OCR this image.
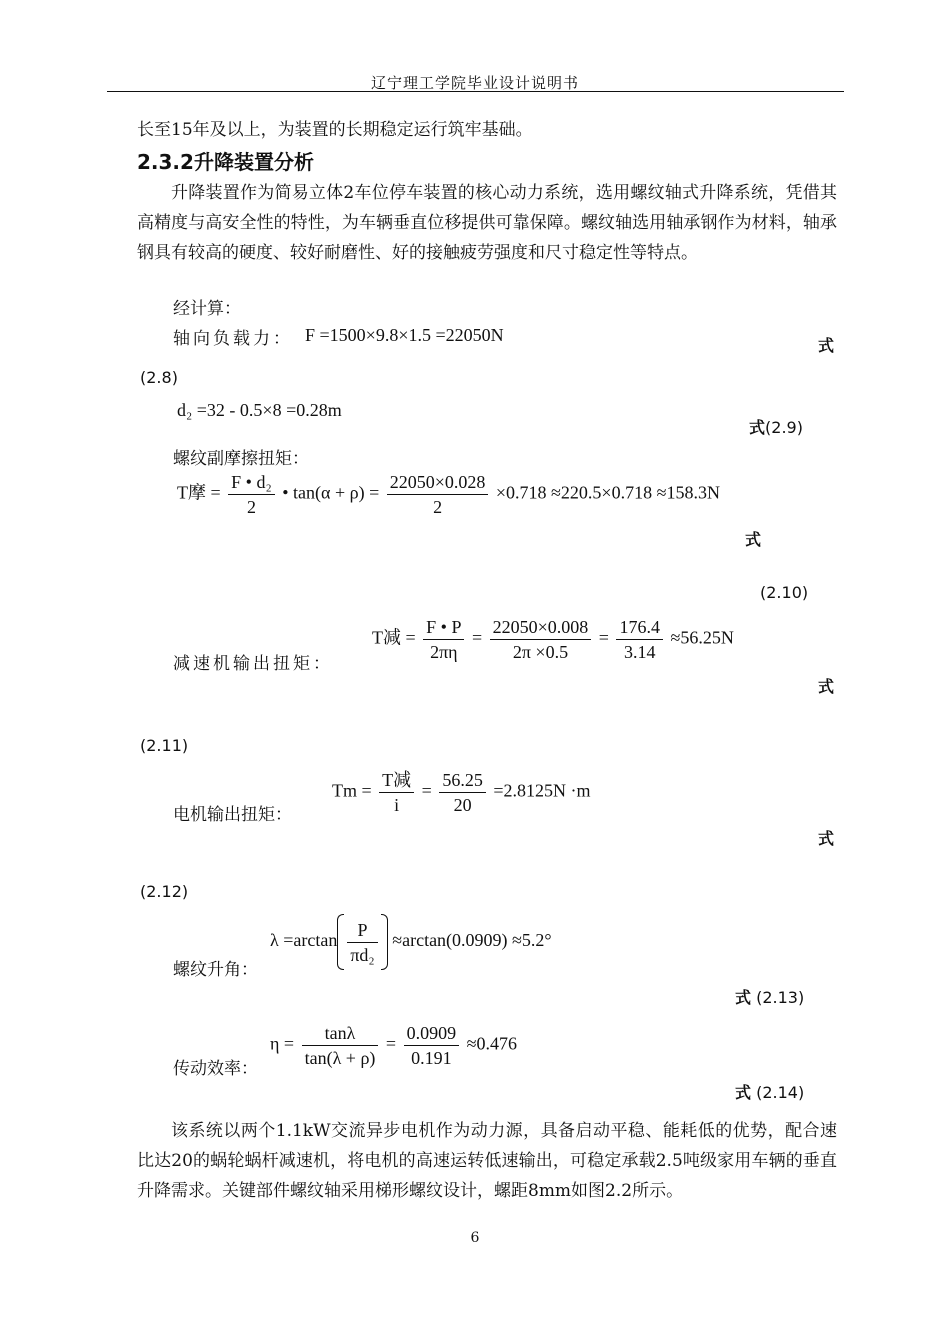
辽宁理工学院毕业设计说明书
长至15年及以上，为装置的长期稳定运行筑牢基础。
2.3.2升降装置分析
升降装置作为简易立体2车位停车装置的核心动力系统，选用螺纹轴式升降系统，凭借其高精度与高安全性的特性，为车辆垂直位移提供可靠保障。螺纹轴选用轴承钢作为材料，轴承钢具有较高的硬度、较好耐磨性、好的接触疲劳强度和尺寸稳定性等特点。
经计算：
轴向负载力： F =1500×9.8×1.5 =22050N
式
(2.8)
d₂ =32 - 0.5×8 =0.28m
式(2.9)
螺纹副摩擦扭矩：
T摩 = $\frac{\text{F • d₂}}{2}$ • $\tan(\alpha + \rho) = \frac{22050\times 0.028}{2} \times 0.718 \approx 220.5\times 0.718 \approx 158.3N$
式
(2.10)
T减 = $\frac{F • P}{2\pi\eta} = \frac{22050\times 0.008}{2\pi \times 0.5} = \frac{176.4}{3.14} \approx 56.25N$
减速机输出扭矩：
式
(2.11)
$Tm = \frac{\text{T减}}{i} = \frac{56.25}{20} =2.8125N \cdot m$
电机输出扭矩：
式
(2.12)
$\lambda =\arctan \frac{P}{\text{πd₂}} \approx\arctan(0.0909) \approx 5.2^\circ$
螺纹升角：
式 (2.13)
$\eta = \frac{\tan\lambda}{\tan(\lambda + \rho)} = \frac{0.0909}{0.191} \approx 0.476$
传动效率：
式 (2.14)
该系统以两个1.1kW交流异步电机作为动力源，具备启动平稳、能耗低的优势，配合速比达20的蜗轮蜗杆减速机，将电机的高速运转低速输出，可稳定承载2.5吨级家用车辆的垂直升降需求。关键部件螺纹轴采用梯形螺纹设计，螺距8mm如图2.2所示。
6
